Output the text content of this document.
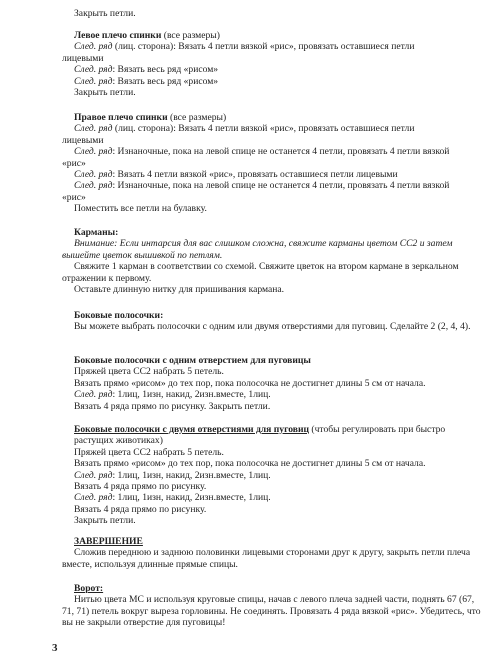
Закрыть петли.
Левое плечо спинки (все размеры)
След. ряд (лиц. сторона): Вязать 4 петли вязкой «рис», провязать оставшиеся петли
лицевыми
След. ряд: Вязать весь ряд «рисом»
След. ряд: Вязать весь ряд «рисом»
Закрыть петли.
Правое плечо спинки (все размеры)
След. ряд (лиц. сторона): Вязать 4 петли вязкой «рис», провязать оставшиеся петли
лицевыми
След. ряд: Изнаночные, пока на левой спице не останется 4 петли, провязать 4 петли вязкой
«рис»
След. ряд: Вязать 4 петли вязкой «рис», провязать оставшиеся петли лицевыми
След. ряд: Изнаночные, пока на левой спице не останется 4 петли, провязать 4 петли вязкой
«рис»
Поместить все петли на булавку.
Карманы:
Внимание: Если интарсия для вас слишком сложна, свяжите карманы цветом СС2 и затем вышейте цветок вышивкой по петлям.
Свяжите 1 карман в соответствии со схемой. Свяжите цветок на втором кармане в зеркальном отражении к первому.
Оставьте длинную нитку для пришивания кармана.
Боковые полосочки:
Вы можете выбрать полосочки с одним или двумя отверстиями для пуговиц. Сделайте 2 (2, 4, 4).
Боковые полосочки с одним отверстием для пуговицы
Пряжей цвета СС2 набрать 5 петель.
Вязать прямо «рисом» до тех пор, пока полосочка не достигнет длины 5 см от начала.
След. ряд: 1лиц, 1изн, накид, 2изн.вместе, 1лиц.
Вязать 4 ряда прямо по рисунку. Закрыть петли.
Боковые полосочки с двумя отверстиями для пуговиц (чтобы регулировать при быстро растущих животиках)
Пряжей цвета СС2 набрать 5 петель.
Вязать прямо «рисом» до тех пор, пока полосочка не достигнет длины 5 см от начала.
След. ряд: 1лиц, 1изн, накид, 2изн.вместе, 1лиц.
Вязать 4 ряда прямо по рисунку.
След. ряд: 1лиц, 1изн, накид, 2изн.вместе, 1лиц.
Вязать 4 ряда прямо по рисунку.
Закрыть петли.
ЗАВЕРШЕНИЕ
Сложив переднюю и заднюю половинки лицевыми сторонами друг к другу, закрыть петли плеча вместе, используя длинные прямые спицы.
Ворот:
Нитью цвета МС и используя круговые спицы, начав с левого плеча задней части, поднять 67 (67, 71, 71) петель вокруг выреза горловины. Не соединять. Провязать 4 ряда вязкой «рис». Убедитесь, что вы не закрыли отверстие для пуговицы!
3
